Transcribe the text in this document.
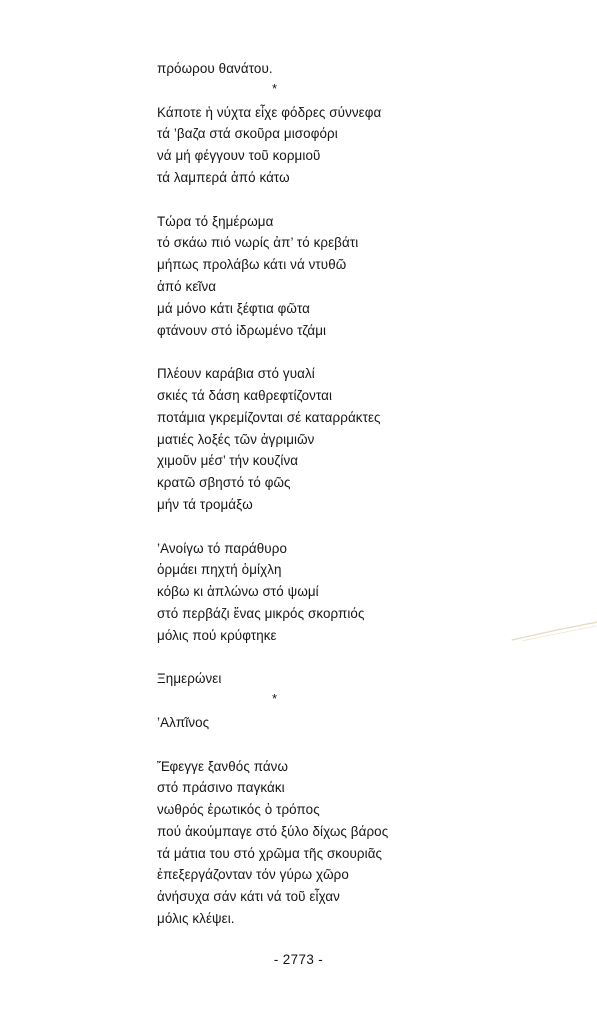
πρόωρου θανάτου.
*
Κάποτε ἡ νύχτα εἶχε φόδρες σύννεφα
τά ’βαζα στά σκοῦρα μισοφόρι
νά μή φέγγουν τοῦ κορμιοῦ
τά λαμπερά ἀπό κάτω
Τώρα τό ξημέρωμα
τό σκάω πιό νωρίς ἀπ’ τό κρεβάτι
μήπως προλάβω κάτι νά ντυθῶ
ἀπό κεῖνα
μά μόνο κάτι ξέφτια φῶτα
φτάνουν στό ἱδρωμένο τζάμι
Πλέουν καράβια στό γυαλί
σκιές τά δάση καθρεφτίζονται
ποτάμια γκρεμίζονται σέ καταρράκτες
ματιές λοξές τῶν ἀγριμιῶν
χιμοῦν μέσ’ τήν κουζίνα
κρατῶ σβηστό τό φῶς
μήν τά τρομάξω
’Ανοίγω τό παράθυρο
ὁρμάει πηχτή ὁμίχλη
κόβω κι ἁπλώνω στό ψωμί
στό περβάζι ἕνας μικρός σκορπιός
μόλις πού κρύφτηκε
Ξημερώνει
*
’Αλπῖνος
Ἔφεγγε ξανθός πάνω
στό πράσινο παγκάκι
νωθρός ἐρωτικός ὁ τρόπος
πού ἀκούμπαγε στό ξύλο δίχως βάρος
τά μάτια του στό χρῶμα τῆς σκουριᾶς
ἐπεξεργάζονταν τόν γύρω χῶρο
ἀνήσυχα σάν κάτι νά τοῦ εἶχαν
μόλις κλέψει.
- 2773 -
